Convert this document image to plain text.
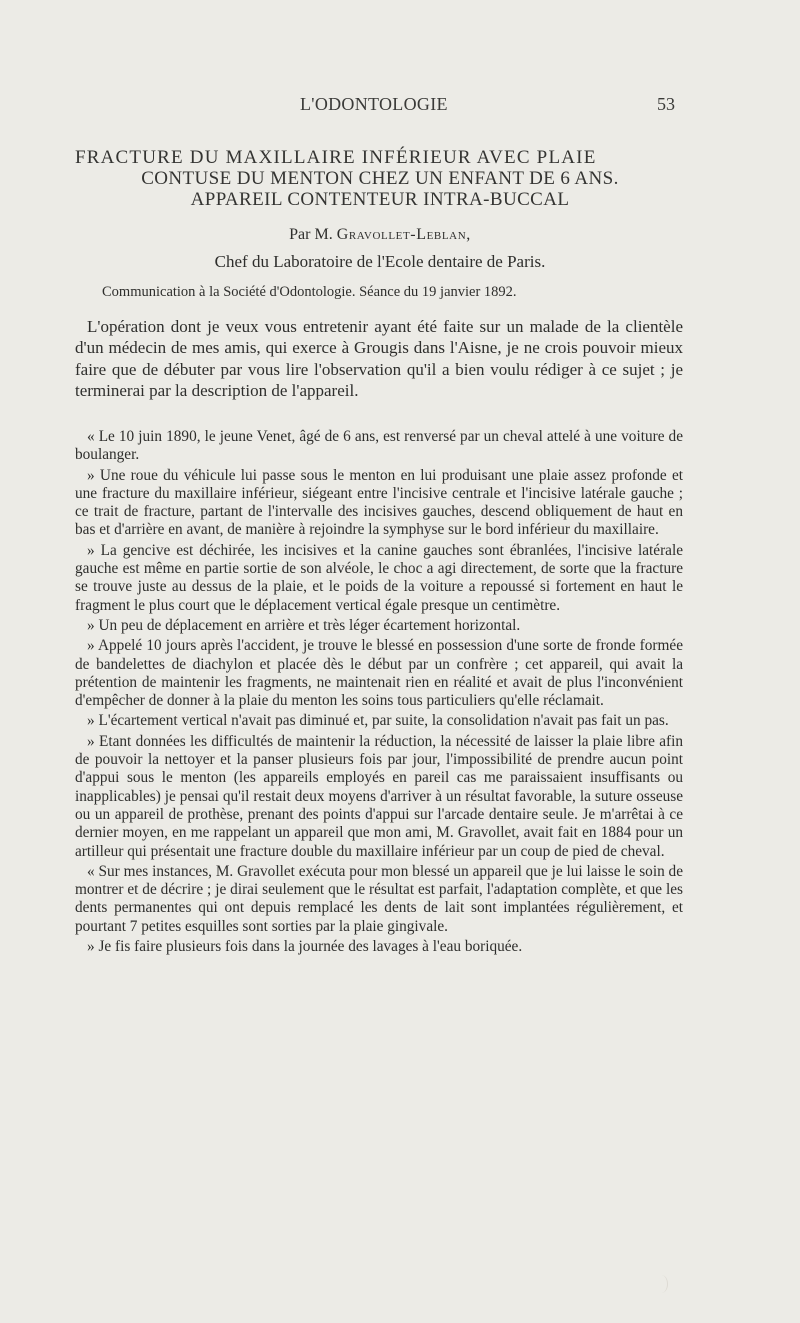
L'ODONTOLOGIE	53
FRACTURE DU MAXILLAIRE INFÉRIEUR AVEC PLAIE
CONTUSE DU MENTON CHEZ UN ENFANT DE 6 ANS.
APPAREIL CONTENTEUR INTRA-BUCCAL
Par M. Gravollet-Leblan,
Chef du Laboratoire de l'Ecole dentaire de Paris.
Communication à la Société d'Odontologie. Séance du 19 janvier 1892.
L'opération dont je veux vous entretenir ayant été faite sur un malade de la clientèle d'un médecin de mes amis, qui exerce à Grougis dans l'Aisne, je ne crois pouvoir mieux faire que de débuter par vous lire l'observation qu'il a bien voulu rédiger à ce sujet ; je terminerai par la description de l'appareil.

« Le 10 juin 1890, le jeune Venet, âgé de 6 ans, est renversé par un cheval attelé à une voiture de boulanger.

» Une roue du véhicule lui passe sous le menton en lui produisant une plaie assez profonde et une fracture du maxillaire inférieur, siégeant entre l'incisive centrale et l'incisive latérale gauche ; ce trait de fracture, partant de l'intervalle des incisives gauches, descend obliquement de haut en bas et d'arrière en avant, de manière à rejoindre la symphyse sur le bord inférieur du maxillaire.

» La gencive est déchirée, les incisives et la canine gauches sont ébranlées, l'incisive latérale gauche est même en partie sortie de son alvéole, le choc a agi directement, de sorte que la fracture se trouve juste au dessus de la plaie, et le poids de la voiture a repoussé si fortement en haut le fragment le plus court que le déplacement vertical égale presque un centimètre.

» Un peu de déplacement en arrière et très léger écartement horizontal.

» Appelé 10 jours après l'accident, je trouve le blessé en possession d'une sorte de fronde formée de bandelettes de diachylon et placée dès le début par un confrère ; cet appareil, qui avait la prétention de maintenir les fragments, ne maintenait rien en réalité et avait de plus l'inconvénient d'empêcher de donner à la plaie du menton les soins tous particuliers qu'elle réclamait.

» L'écartement vertical n'avait pas diminué et, par suite, la consolidation n'avait pas fait un pas.

» Etant données les difficultés de maintenir la réduction, la nécessité de laisser la plaie libre afin de pouvoir la nettoyer et la panser plusieurs fois par jour, l'impossibilité de prendre aucun point d'appui sous le menton (les appareils employés en pareil cas me paraissaient insuffisants ou inapplicables) je pensai qu'il restait deux moyens d'arriver à un résultat favorable, la suture osseuse ou un appareil de prothèse, prenant des points d'appui sur l'arcade dentaire seule. Je m'arrêtai à ce dernier moyen, en me rappelant un appareil que mon ami, M. Gravollet, avait fait en 1884 pour un artilleur qui présentait une fracture double du maxillaire inférieur par un coup de pied de cheval.

« Sur mes instances, M. Gravollet exécuta pour mon blessé un appareil que je lui laisse le soin de montrer et de décrire ; je dirai seulement que le résultat est parfait, l'adaptation complète, et que les dents permanentes qui ont depuis remplacé les dents de lait sont implantées régulièrement, et pourtant 7 petites esquilles sont sorties par la plaie gingivale.

» Je fis faire plusieurs fois dans la journée des lavages à l'eau boriquée.
